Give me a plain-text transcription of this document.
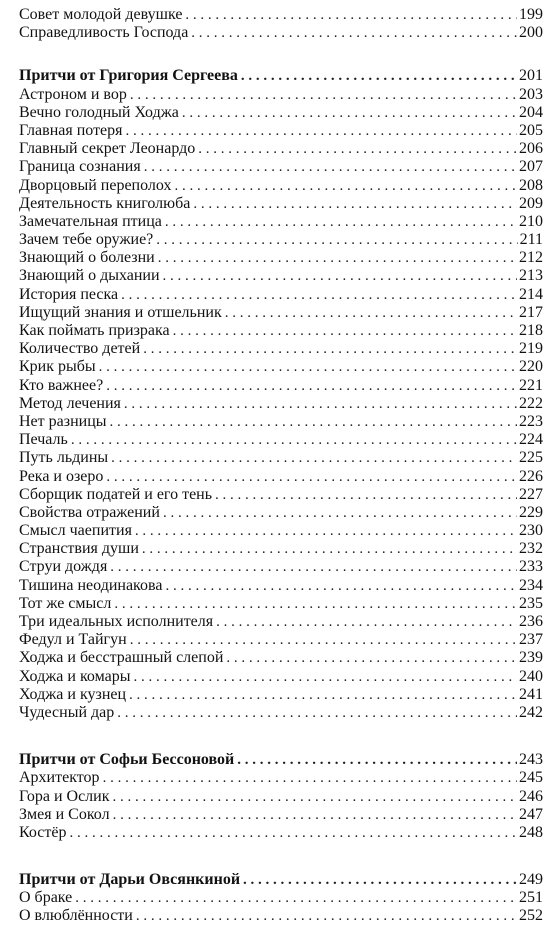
Совет молодой девушке . . .	199
Справедливость Господа . . .	200
Притчи от Григория Сергеева . . .	201
Астроном и вор . . .	203
Вечно голодный Ходжа . . .	204
Главная потеря . . .	205
Главный секрет Леонардо . . .	206
Граница сознания . . .	207
Дворцовый переполох . . .	208
Деятельность книголюба . . .	209
Замечательная птица . . .	210
Зачем тебе оружие? . . .	211
Знающий о болезни . . .	212
Знающий о дыхании . . .	213
История песка . . .	214
Ищущий знания и отшельник . . .	217
Как поймать призрака . . .	218
Количество детей . . .	219
Крик рыбы . . .	220
Кто важнее? . . .	221
Метод лечения . . .	222
Нет разницы . . .	223
Печаль . . .	224
Путь льдины . . .	225
Река и озеро . . .	226
Сборщик податей и его тень . . .	227
Свойства отражений . . .	229
Смысл чаепития . . .	230
Странствия души . . .	232
Струи дождя . . .	233
Тишина неодинакова . . .	234
Тот же смысл . . .	235
Три идеальных исполнителя . . .	236
Федул и Тайгун . . .	237
Ходжа и бесстрашный слепой . . .	239
Ходжа и комары . . .	240
Ходжа и кузнец . . .	241
Чудесный дар . . .	242
Притчи от Софьи Бессоновой . . .	243
Архитектор . . .	245
Гора и Ослик . . .	246
Змея и Сокол . . .	247
Костёр . . .	248
Притчи от Дарьи Овсянкиной . . .	249
О браке . . .	251
О влюблённости . . .	252
